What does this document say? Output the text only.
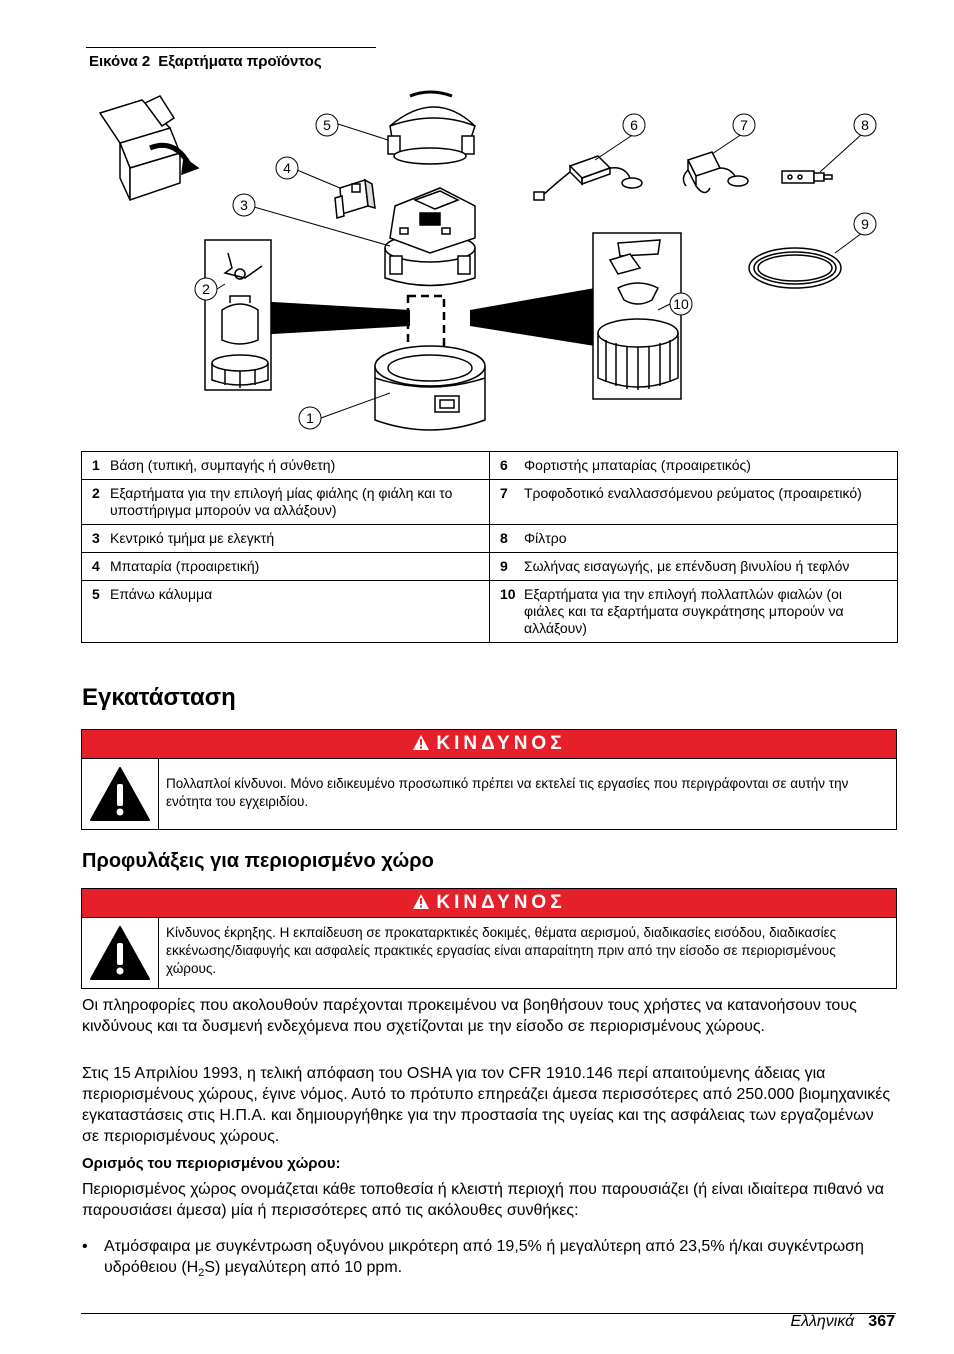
Εικόνα 2 Εξαρτήματα προϊόντος
1
2
3
4
5	6	7	8
9
10
1 Βάση (τυπική, συμπαγής ή σύνθετη)	6 Φορτιστής μπαταρίας (προαιρετικός)
2 Εξαρτήματα για την επιλογή μίας φιάλης (η φιάλη και το υποστήριγμα μπορούν να αλλάξουν)	7 Τροφοδοτικό εναλλασσόμενου ρεύματος (προαιρετικό)
3 Κεντρικό τμήμα με ελεγκτή	8 Φίλτρο
4 Μπαταρία (προαιρετική)	9 Σωλήνας εισαγωγής, με επένδυση βινυλίου ή τεφλόν
5 Επάνω κάλυμμα	10 Εξαρτήματα για την επιλογή πολλαπλών φιαλών (οι φιάλες και τα εξαρτήματα συγκράτησης μπορούν να αλλάξουν)
Εγκατάσταση
ΚΙΝΔΥΝΟΣ
Πολλαπλοί κίνδυνοι. Μόνο ειδικευμένο προσωπικό πρέπει να εκτελεί τις εργασίες που περιγράφονται σε αυτήν την ενότητα του εγχειριδίου.
Προφυλάξεις για περιορισμένο χώρο
ΚΙΝΔΥΝΟΣ
Κίνδυνος έκρηξης. Η εκπαίδευση σε προκαταρκτικές δοκιμές, θέματα αερισμού, διαδικασίες εισόδου, διαδικασίες εκκένωσης/διαφυγής και ασφαλείς πρακτικές εργασίας είναι απαραίτητη πριν από την είσοδο σε περιορισμένους χώρους.

Οι πληροφορίες που ακολουθούν παρέχονται προκειμένου να βοηθήσουν τους χρήστες να κατανοήσουν τους κινδύνους και τα δυσμενή ενδεχόμενα που σχετίζονται με την είσοδο σε περιορισμένους χώρους.

Στις 15 Απριλίου 1993, η τελική απόφαση του OSHA για τον CFR 1910.146 περί απαιτούμενης άδειας για περιορισμένους χώρους, έγινε νόμος. Αυτό το πρότυπο επηρεάζει άμεσα περισσότερες από 250.000 βιομηχανικές εγκαταστάσεις στις Η.Π.Α. και δημιουργήθηκε για την προστασία της υγείας και της ασφάλειας των εργαζομένων σε περιορισμένους χώρους.

Ορισμός του περιορισμένου χώρου:

Περιορισμένος χώρος ονομάζεται κάθε τοποθεσία ή κλειστή περιοχή που παρουσιάζει (ή είναι ιδιαίτερα πιθανό να παρουσιάσει άμεσα) μία ή περισσότερες από τις ακόλουθες συνθήκες:

• Ατμόσφαιρα με συγκέντρωση οξυγόνου μικρότερη από 19,5% ή μεγαλύτερη από 23,5% ή/και συγκέντρωση υδρόθειου $(H_2S)$ μεγαλύτερη από 10 ppm.
Ελληνικά 367
